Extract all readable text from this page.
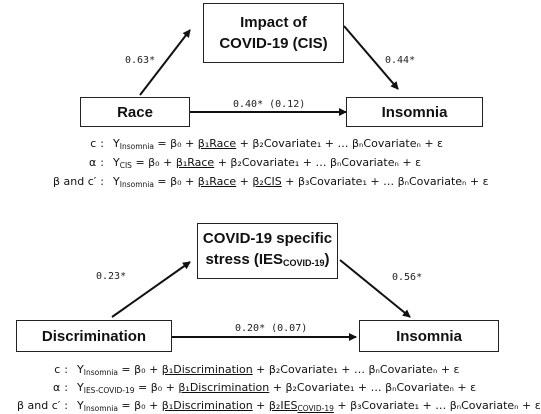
Impact of
COVID-19 (CIS)
Race	Insomnia
0.63*	0.44*
0.40* (0.12)
c : $Y_{Insomnia} = \beta_0$ + β₁Race + β₂Covariate₁ + … βₙCovariateₙ + ε
α : $Y_{CIS} = \beta_0$ + β₁Race + β₂Covariate₁ + … βₙCovariateₙ + ε
β and c′ : $Y_{Insomnia} = \beta_0$ + β₁Race + β₂CIS + β₃Covariate₁ + … βₙCovariateₙ + ε
COVID-19 specific
stress $(IES_{COVID-19})$
Discrimination	Insomnia
0.23*	0.56*
0.20* (0.07)
c : $Y_{Insomnia} = \beta_0$ + β₁Discrimination + β₂Covariate₁ + … βₙCovariateₙ + ε
α : $Y_{IES-COVID-19} = \beta_0$ + β₁Discrimination + β₂Covariate₁ + … βₙCovariateₙ + ε
β and c′ : $Y_{Insomnia} = \beta_0$ + β₁Discrimination + $\beta_2IES_{COVID-19}$ + β₃Covariate₁ + … βₙCovariateₙ + ε
